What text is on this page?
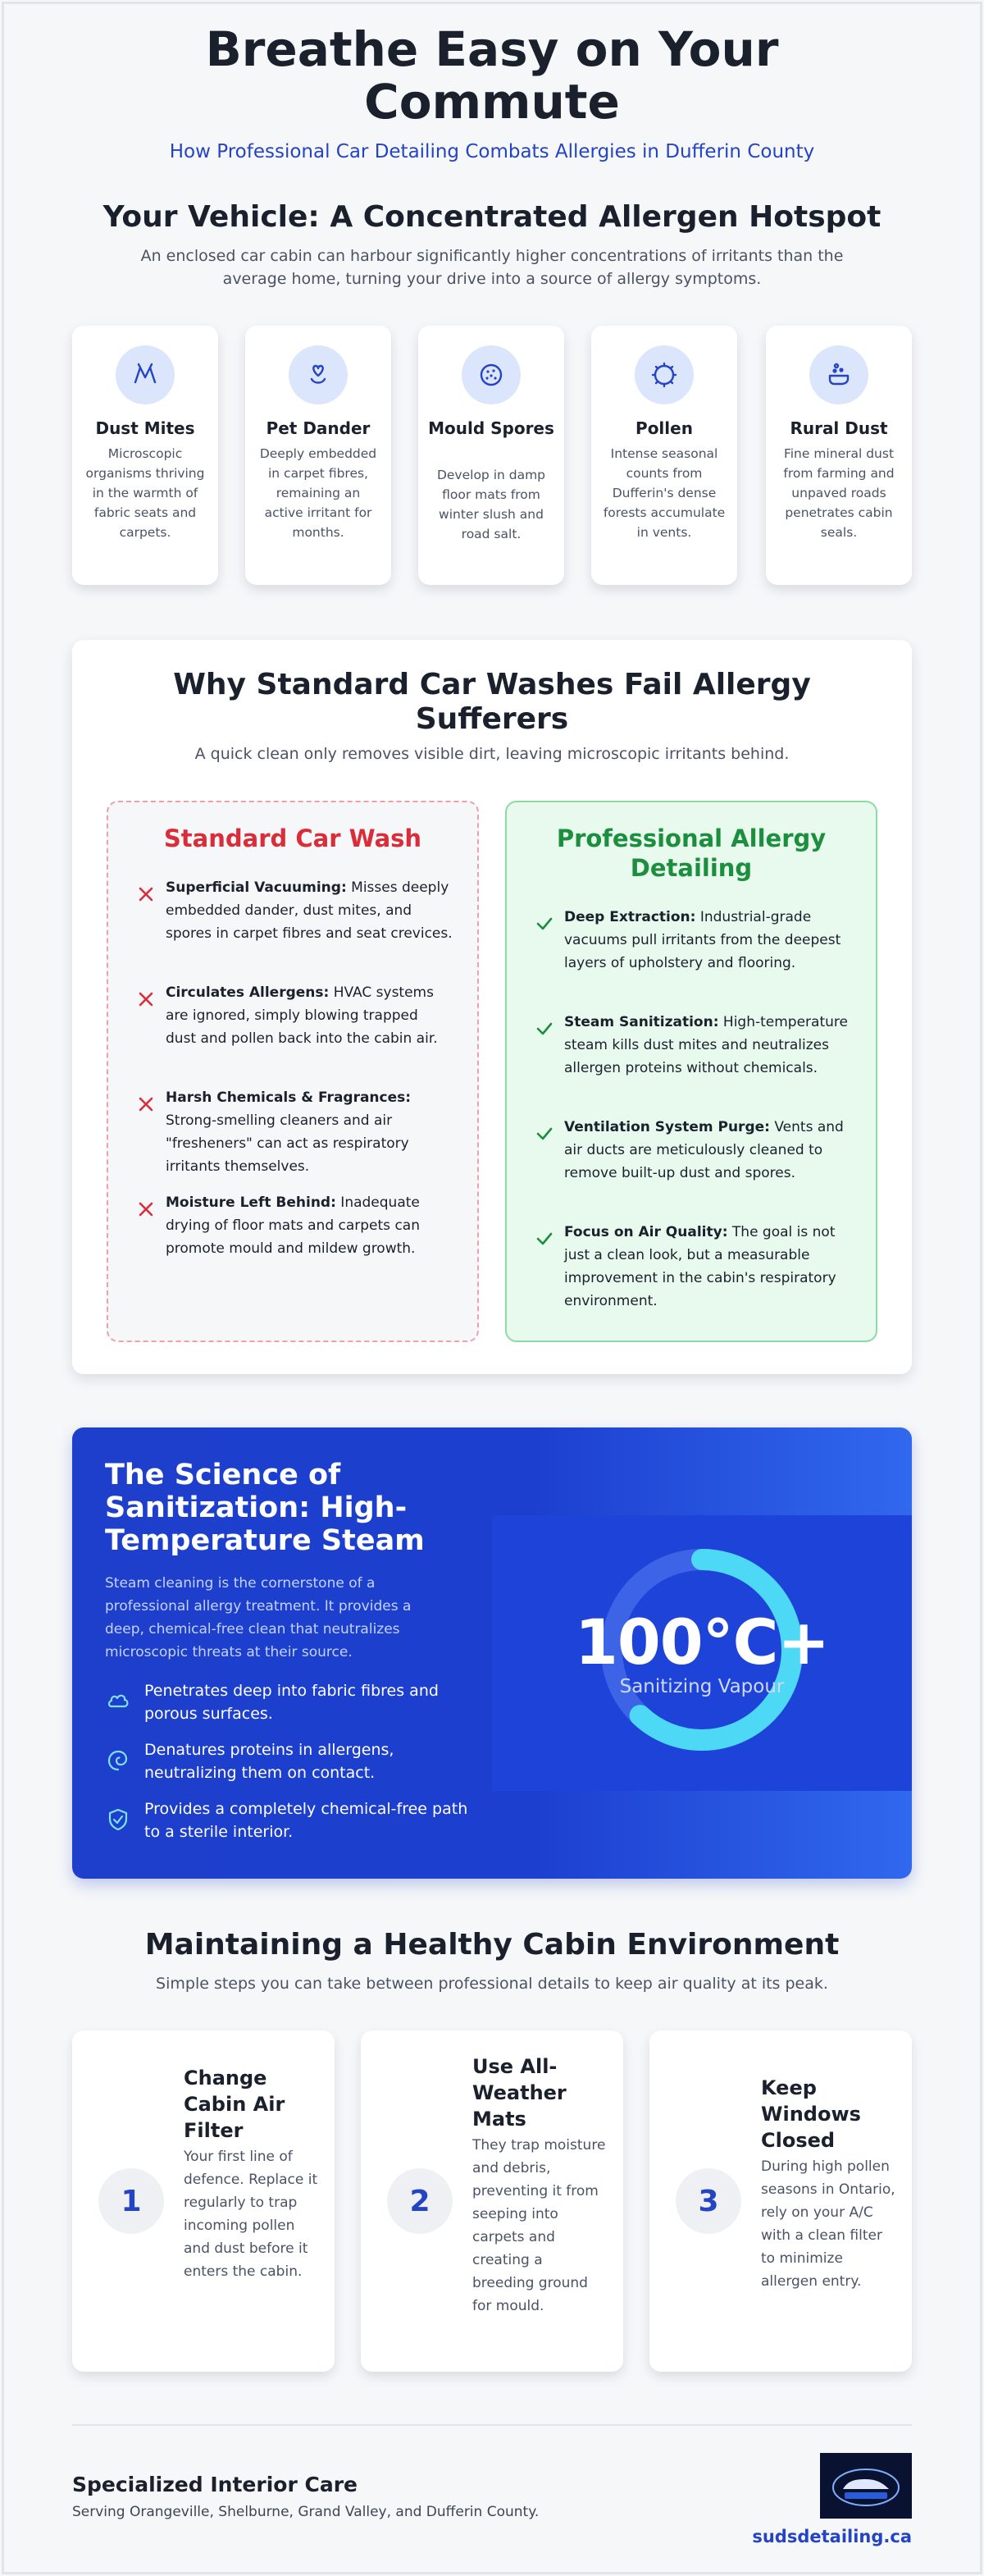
Breathe Easy on Your Commute

How Professional Car Detailing Combats Allergies in Dufferin County

Your Vehicle: A Concentrated Allergen Hotspot

An enclosed car cabin can harbour significantly higher concentrations of irritants than the average home, turning your drive into a source of allergy symptoms.

Dust Mites
Microscopic organisms thriving in the warmth of fabric seats and carpets.
Pet Dander
Deeply embedded in carpet fibres, remaining an active irritant for months.
Mould Spores
Develop in damp floor mats from winter slush and road salt.
Pollen
Intense seasonal counts from Dufferin's dense forests accumulate in vents.
Rural Dust
Fine mineral dust from farming and unpaved roads penetrates cabin seals.
Why Standard Car Washes Fail Allergy Sufferers

A quick clean only removes visible dirt, leaving microscopic irritants behind.

Standard Car Wash
Superficial Vacuuming: Misses deeply embedded dander, dust mites, and spores in carpet fibres and seat crevices.
Circulates Allergens: HVAC systems are ignored, simply blowing trapped dust and pollen back into the cabin air.
Harsh Chemicals & Fragrances: Strong-smelling cleaners and air "fresheners" can act as respiratory irritants themselves.
Moisture Left Behind: Inadequate drying of floor mats and carpets can promote mould and mildew growth.
Professional Allergy Detailing
Deep Extraction: Industrial-grade vacuums pull irritants from the deepest layers of upholstery and flooring.
Steam Sanitization: High-temperature steam kills dust mites and neutralizes allergen proteins without chemicals.
Ventilation System Purge: Vents and air ducts are meticulously cleaned to remove built-up dust and spores.
Focus on Air Quality: The goal is not just a clean look, but a measurable improvement in the cabin's respiratory environment.
The Science of Sanitization: High-Temperature Steam

Steam cleaning is the cornerstone of a professional allergy treatment. It provides a deep, chemical-free clean that neutralizes microscopic threats at their source.

Penetrates deep into fabric fibres and porous surfaces.
Denatures proteins in allergens, neutralizing them on contact.
Provides a completely chemical-free path to a sterile interior.
100°C+
Sanitizing Vapour
Maintaining a Healthy Cabin Environment

Simple steps you can take between professional details to keep air quality at its peak.

1
Change Cabin Air Filter
Your first line of defence. Replace it regularly to trap incoming pollen and dust before it enters the cabin.
2
Use All-Weather Mats
They trap moisture and debris, preventing it from seeping into carpets and creating a breeding ground for mould.
3
Keep Windows Closed
During high pollen seasons in Ontario, rely on your A/C with a clean filter to minimize allergen entry.
Specialized Interior Care
Serving Orangeville, Shelburne, Grand Valley, and Dufferin County.
sudsdetailing.ca
